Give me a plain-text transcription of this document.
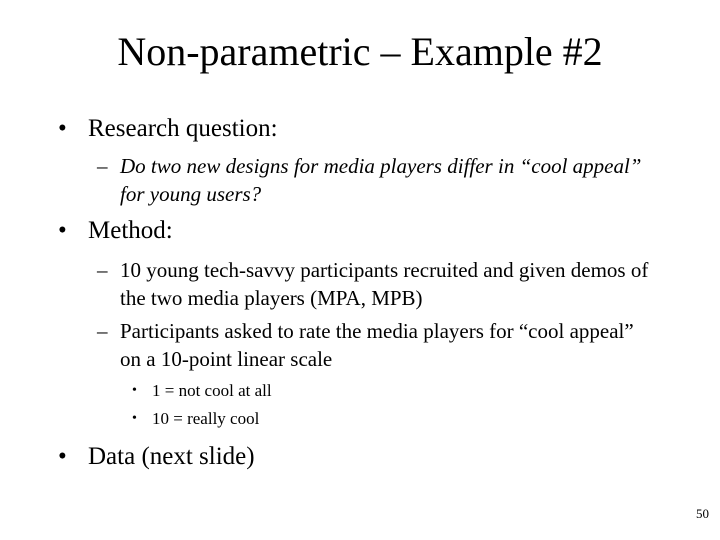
Non-parametric – Example #2
• Research question:
– Do two new designs for media players differ in “cool appeal” for young users?
• Method:
– 10 young tech-savvy participants recruited and given demos of the two media players (MPA, MPB)
– Participants asked to rate the media players for “cool appeal” on a 10-point linear scale
• 1 = not cool at all
• 10 = really cool
• Data (next slide)
50
